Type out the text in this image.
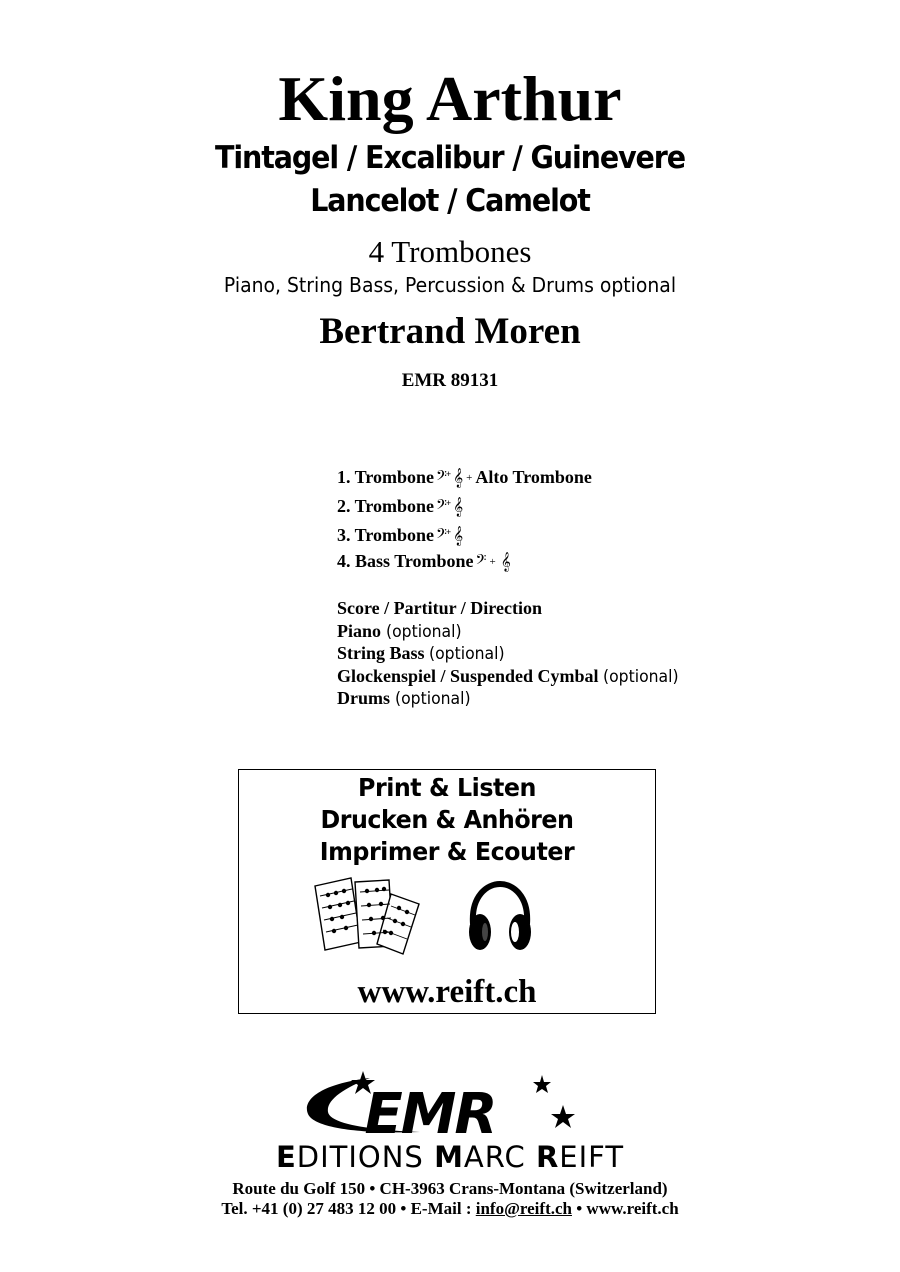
King Arthur
Tintagel / Excalibur / Guinevere
Lancelot / Camelot
4 Trombones
Piano, String Bass, Percussion & Drums optional
Bertrand Moren
EMR 89131
1. Trombone 𝄢+ 𝄞 + Alto Trombone
2. Trombone 𝄢+ 𝄞
3. Trombone 𝄢+ 𝄞
4. Bass Trombone 𝄢 + 𝄞
Score / Partitur / Direction
Piano (optional)
String Bass (optional)
Glockenspiel / Suspended Cymbal (optional)
Drums (optional)
Print & Listen
Drucken & Anhören
Imprimer & Ecouter
www.reift.ch
EMR
EDITIONS MARC REIFT
Route du Golf 150 • CH-3963 Crans-Montana (Switzerland)
Tel. +41 (0) 27 483 12 00 • E-Mail : info@reift.ch • www.reift.ch
